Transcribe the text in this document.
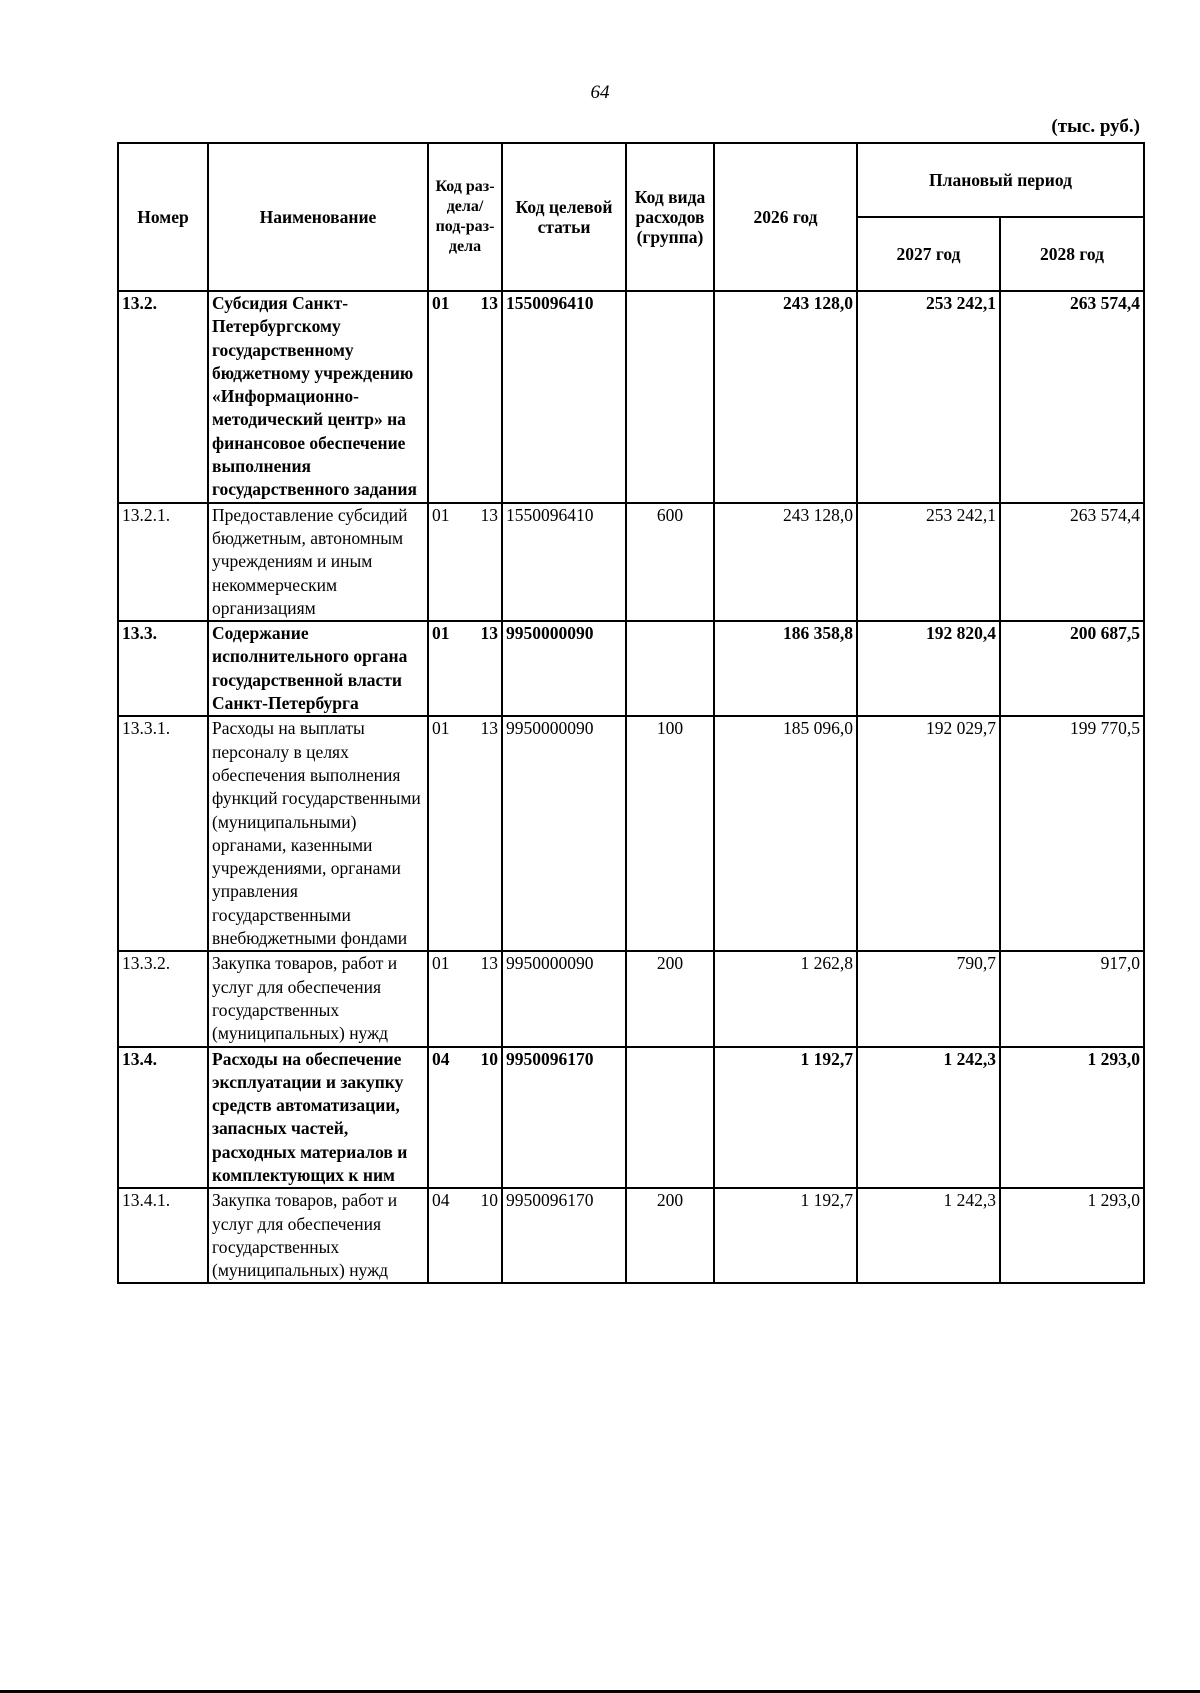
64
(тыс. руб.)
Номер	Наименование	Код раз-дела/ под-раз-дела	Код целевой статьи	Код вида расходов (группа)	2026 год	Плановый период	
						2027 год	2028 год
13.2.	Субсидия Санкт-Петербургскому государственному бюджетному учреждению «Информационно-методический центр» на финансовое обеспечение выполнения государственного задания	01 13	1550096410		243 128,0	253 242,1	263 574,4
13.2.1.	Предоставление субсидий бюджетным, автономным учреждениям и иным некоммерческим организациям	01 13	1550096410	600	243 128,0	253 242,1	263 574,4
13.3.	Содержание исполнительного органа государственной власти Санкт-Петербурга	01 13	9950000090		186 358,8	192 820,4	200 687,5
13.3.1.	Расходы на выплаты персоналу в целях обеспечения выполнения функций государственными (муниципальными) органами, казенными учреждениями, органами управления государственными внебюджетными фондами	01 13	9950000090	100	185 096,0	192 029,7	199 770,5
13.3.2.	Закупка товаров, работ и услуг для обеспечения государственных (муниципальных) нужд	01 13	9950000090	200	1 262,8	790,7	917,0
13.4.	Расходы на обеспечение эксплуатации и закупку средств автоматизации, запасных частей, расходных материалов и комплектующих к ним	04 10	9950096170		1 192,7	1 242,3	1 293,0
13.4.1.	Закупка товаров, работ и услуг для обеспечения государственных (муниципальных) нужд	04 10	9950096170	200	1 192,7	1 242,3	1 293,0
